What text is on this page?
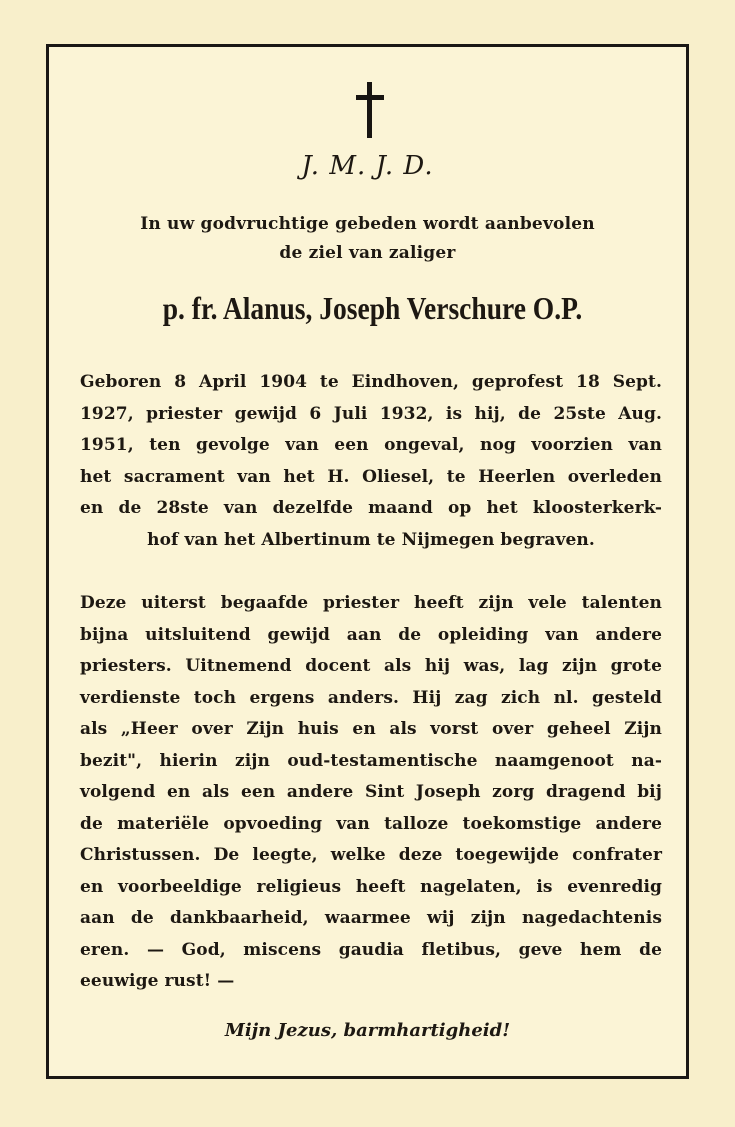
J. M. J. D.
In uw godvruchtige gebeden wordt aanbevolen
de ziel van zaliger
p. fr. Alanus, Joseph Verschure O.P.
Geboren 8 April 1904 te Eindhoven, geprofest 18 Sept.
1927, priester gewijd 6 Juli 1932, is hij, de 25ste Aug.
1951, ten gevolge van een ongeval, nog voorzien van
het sacrament van het H. Oliesel, te Heerlen overleden
en de 28ste van dezelfde maand op het kloosterkerk-
hof van het Albertinum te Nijmegen begraven.
Deze uiterst begaafde priester heeft zijn vele talenten
bijna uitsluitend gewijd aan de opleiding van andere
priesters. Uitnemend docent als hij was, lag zijn grote
verdienste toch ergens anders. Hij zag zich nl. gesteld
als „Heer over Zijn huis en als vorst over geheel Zijn
bezit", hierin zijn oud-testamentische naamgenoot na-
volgend en als een andere Sint Joseph zorg dragend bij
de materiële opvoeding van talloze toekomstige andere
Christussen. De leegte, welke deze toegewijde confrater
en voorbeeldige religieus heeft nagelaten, is evenredig
aan de dankbaarheid, waarmee wij zijn nagedachtenis
eren. — God, miscens gaudia fletibus, geve hem de
eeuwige rust! —
Mijn Jezus, barmhartigheid!
